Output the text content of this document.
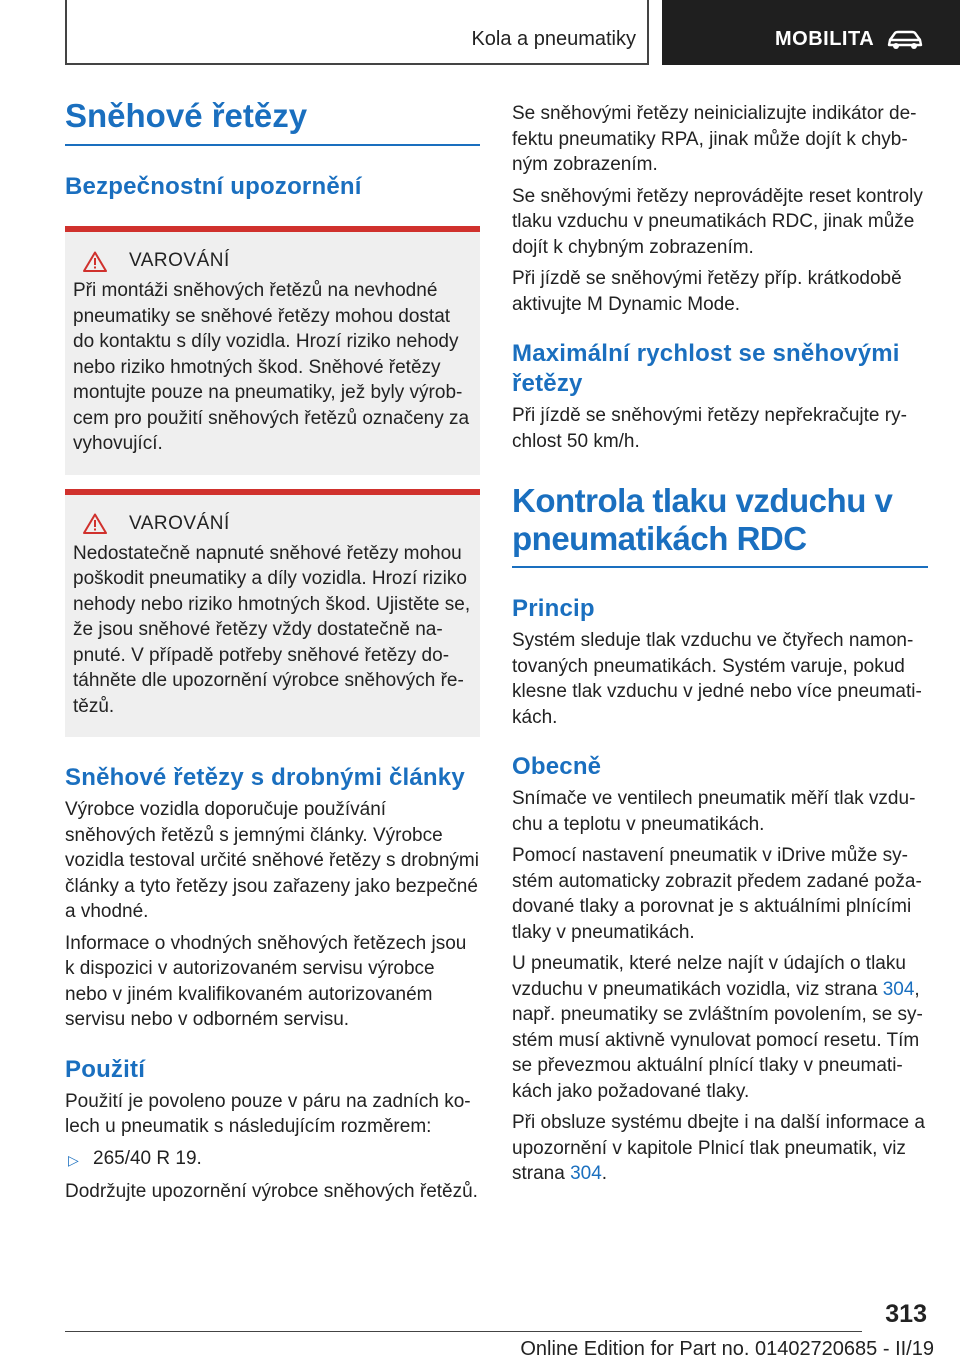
Kola a pneumatiky	MOBILITA
Sněhové řetězy
Bezpečnostní upozornění
VAROVÁNÍ

Při montáži sněhových řetězů na nevhodné pneumatiky se sněhové řetězy mohou dostat do kontaktu s díly vozidla. Hrozí riziko nehody nebo riziko hmotných škod. Sněhové řetězy montujte pouze na pneumatiky, jež byly výrobcem pro použití sněhových řetězů označeny za vyhovující.

VAROVÁNÍ

Nedostatečně napnuté sněhové řetězy mohou poškodit pneumatiky a díly vozidla. Hrozí riziko nehody nebo riziko hmotných škod. Ujistěte se, že jsou sněhové řetězy vždy dostatečně napnuté. V případě potřeby sněhové řetězy dotáhněte dle upozornění výrobce sněhových řetězů.

Sněhové řetězy s drobnými články

Výrobce vozidla doporučuje používání sněhových řetězů s jemnými články. Výrobce vozidla testoval určité sněhové řetězy s drobnými články a tyto řetězy jsou zařazeny jako bezpečné a vhodné.

Informace o vhodných sněhových řetězech jsou k dispozici v autorizovaném servisu výrobce nebo v jiném kvalifikovaném autorizovaném servisu nebo v odborném servisu.

Použití

Použití je povoleno pouze v páru na zadních kolech u pneumatik s následujícím rozměrem:

▷ 265/40 R 19.

Dodržujte upozornění výrobce sněhových řetězů.

Se sněhovými řetězy neinicializujte indikátor defektu pneumatiky RPA, jinak může dojít k chybným zobrazením.

Se sněhovými řetězy neprovádějte reset kontroly tlaku vzduchu v pneumatikách RDC, jinak může dojít k chybným zobrazením.

Při jízdě se sněhovými řetězy příp. krátkodobě aktivujte M Dynamic Mode.

Maximální rychlost se sněhovými řetězy

Při jízdě se sněhovými řetězy nepřekračujte rychlost 50 km/h.

Kontrola tlaku vzduchu v pneumatikách RDC
Princip

Systém sleduje tlak vzduchu ve čtyřech namontovaných pneumatikách. Systém varuje, pokud klesne tlak vzduchu v jedné nebo více pneumatikách.

Obecně

Snímače ve ventilech pneumatik měří tlak vzduchu a teplotu v pneumatikách.

Pomocí nastavení pneumatik v iDrive může systém automaticky zobrazit předem zadané požadované tlaky a porovnat je s aktuálními plnícími tlaky v pneumatikách.

U pneumatik, které nelze najít v údajích o tlaku vzduchu v pneumatikách vozidla, viz strana 304, např. pneumatiky se zvláštním povolením, se systém musí aktivně vynulovat pomocí resetu. Tím se převezmou aktuální plnící tlaky v pneumatikách jako požadované tlaky.

Při obsluze systému dbejte i na další informace a upozornění v kapitole Plnicí tlak pneumatik, viz strana 304.

313
Online Edition for Part no. 01402720685 - II/19
